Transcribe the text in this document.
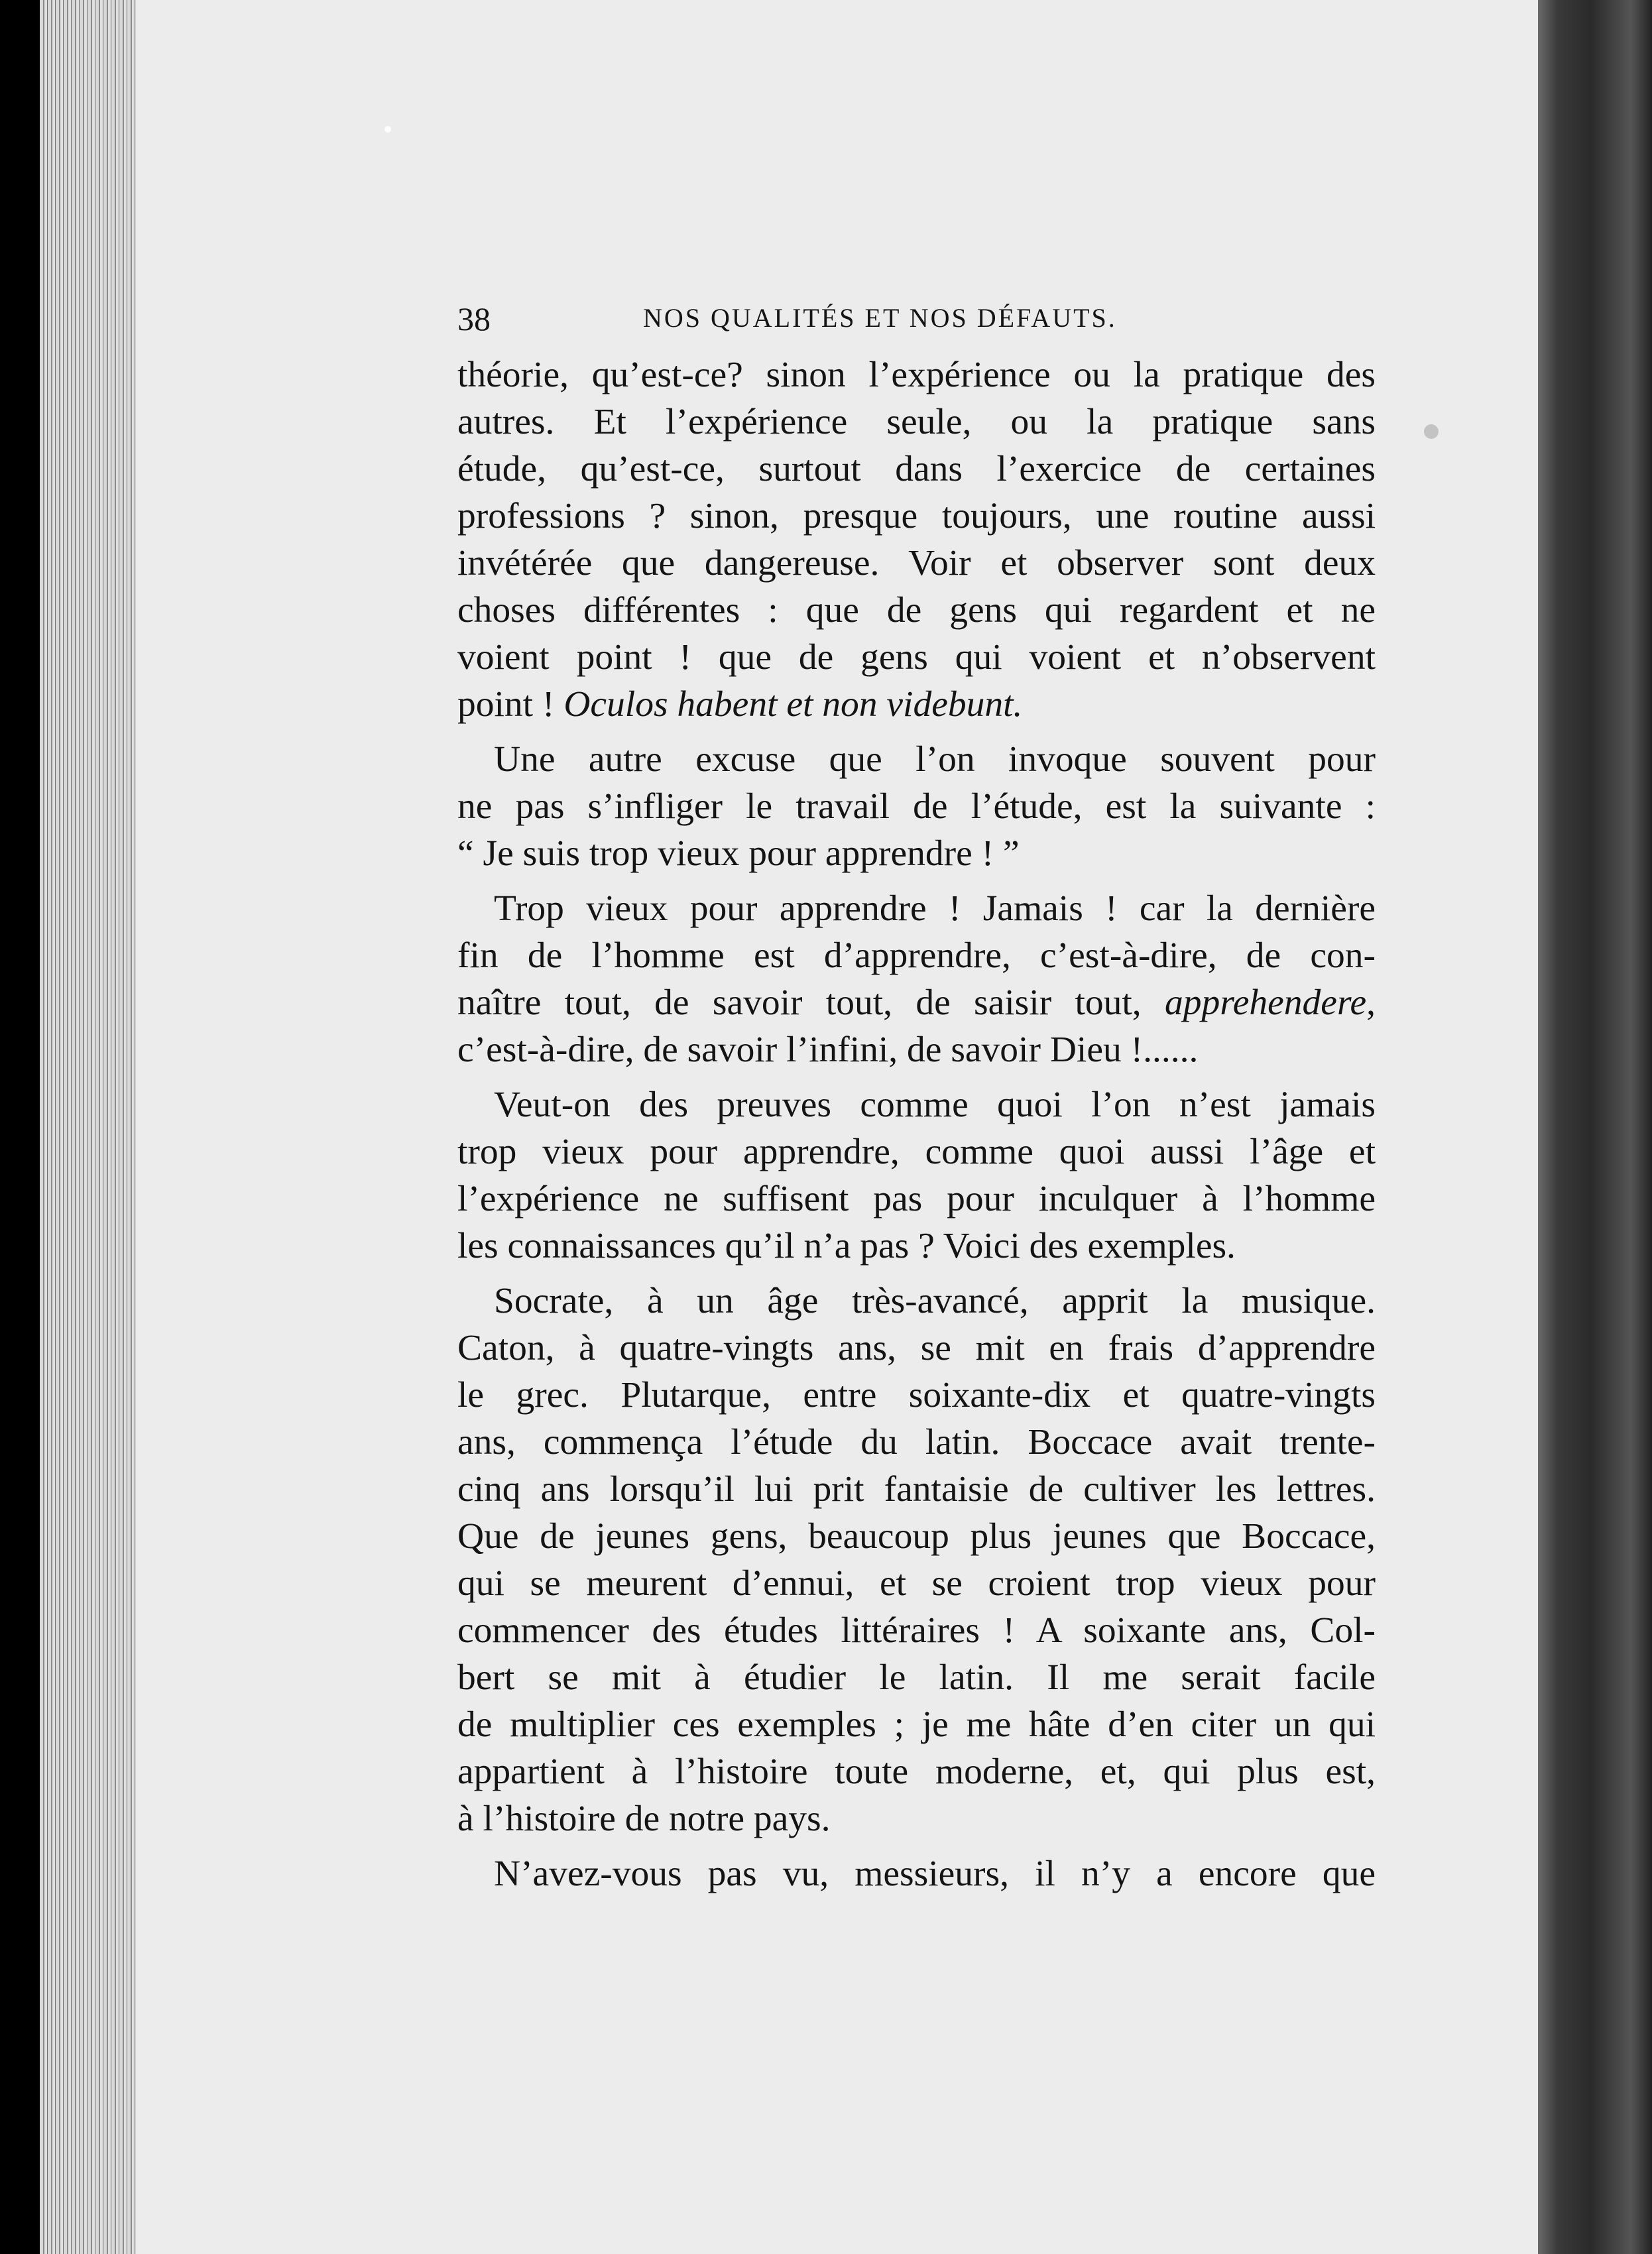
38	NOS QUALITÉS ET NOS DÉFAUTS.
théorie, qu’est-ce? sinon l’expérience ou la pratique des
autres. Et l’expérience seule, ou la pratique sans
étude, qu’est-ce, surtout dans l’exercice de certaines
professions ? sinon, presque toujours, une routine aussi
invétérée que dangereuse. Voir et observer sont deux
choses différentes : que de gens qui regardent et ne
voient point ! que de gens qui voient et n’observent
point ! Oculos habent et non videbunt.
Une autre excuse que l’on invoque souvent pour
ne pas s’infliger le travail de l’étude, est la suivante :
“ Je suis trop vieux pour apprendre ! ”
Trop vieux pour apprendre ! Jamais ! car la dernière
fin de l’homme est d’apprendre, c’est-à-dire, de con-
naître tout, de savoir tout, de saisir tout, apprehendere,
c’est-à-dire, de savoir l’infini, de savoir Dieu !......
Veut-on des preuves comme quoi l’on n’est jamais
trop vieux pour apprendre, comme quoi aussi l’âge et
l’expérience ne suffisent pas pour inculquer à l’homme
les connaissances qu’il n’a pas ? Voici des exemples.
Socrate, à un âge très-avancé, apprit la musique.
Caton, à quatre-vingts ans, se mit en frais d’apprendre
le grec. Plutarque, entre soixante-dix et quatre-vingts
ans, commença l’étude du latin. Boccace avait trente-
cinq ans lorsqu’il lui prit fantaisie de cultiver les lettres.
Que de jeunes gens, beaucoup plus jeunes que Boccace,
qui se meurent d’ennui, et se croient trop vieux pour
commencer des études littéraires ! A soixante ans, Col-
bert se mit à étudier le latin. Il me serait facile
de multiplier ces exemples ; je me hâte d’en citer un qui
appartient à l’histoire toute moderne, et, qui plus est,
à l’histoire de notre pays.
N’avez-vous pas vu, messieurs, il n’y a encore que
